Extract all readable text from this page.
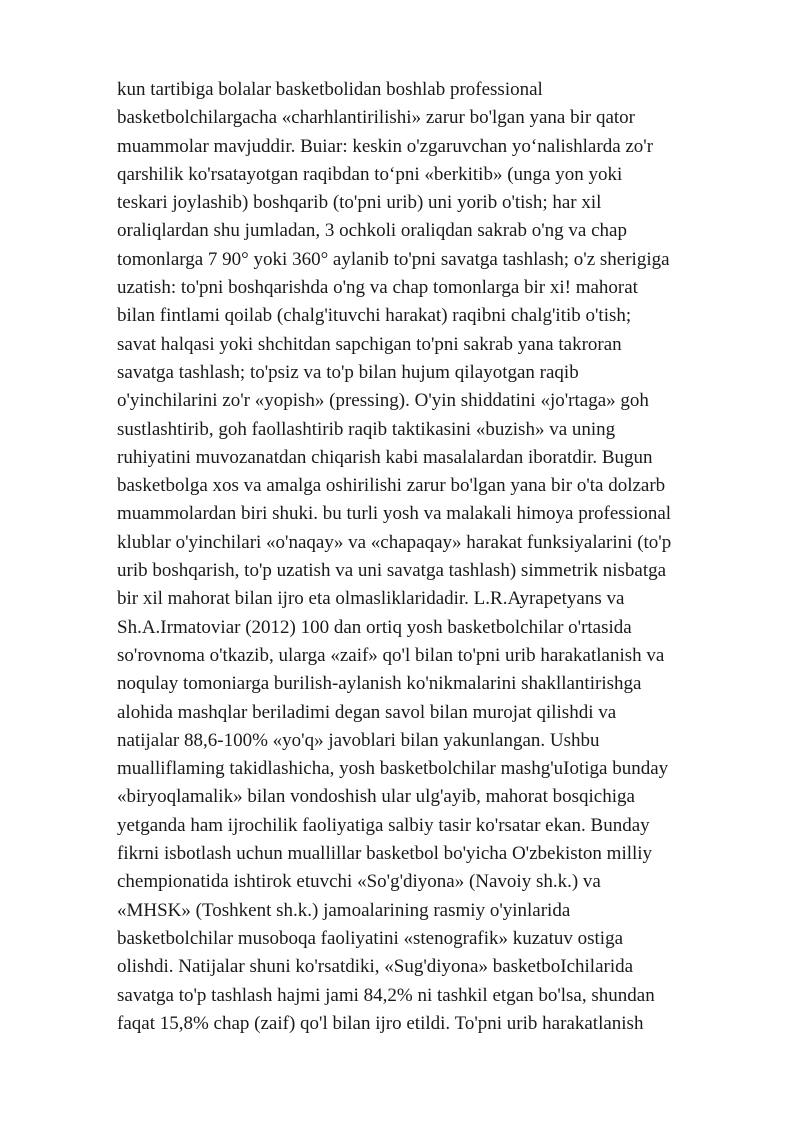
kun tartibiga bolalar basketbolidan boshlab professional
basketbolchilargacha «charhlantirilishi» zarur bo'lgan yana bir qator
muammolar mavjuddir. Buiar: keskin o'zgaruvchan yo‘nalishlarda zo'r
qarshilik ko'rsatayotgan raqibdan to‘pni «berkitib» (unga yon yoki
teskari joylashib) boshqarib (to'pni urib) uni yorib o'tish; har xil
oraliqlardan shu jumladan, 3 ochkoli oraliqdan sakrab o'ng va chap
tomonlarga 7 90° yoki 360° aylanib to'pni savatga tashlash; o'z sherigiga
uzatish: to'pni boshqarishda o'ng va chap tomonlarga bir xi! mahorat
bilan fintlami qoilab (chalg'ituvchi harakat) raqibni chalg'itib o'tish;
savat halqasi yoki shchitdan sapchigan to'pni sakrab yana takroran
savatga tashlash; to'psiz va to'p bilan hujum qilayotgan raqib
o'yinchilarini zo'r «yopish» (pressing). O'yin shiddatini «jo'rtaga» goh
sustlashtirib, goh faollashtirib raqib taktikasini «buzish» va uning
ruhiyatini muvozanatdan chiqarish kabi masalalardan iboratdir. Bugun
basketbolga xos va amalga oshirilishi zarur bo'lgan yana bir o'ta dolzarb
muammolardan biri shuki. bu turli yosh va malakali himoya professional
klublar o'yinchilari «o'naqay» va «chapaqay» harakat funksiyalarini (to'p
urib boshqarish, to'p uzatish va uni savatga tashlash) simmetrik nisbatga
bir xil mahorat bilan ijro eta olmasliklaridadir. L.R.Ayrapetyans va
Sh.A.Irmatoviar (2012) 100 dan ortiq yosh basketbolchilar o'rtasida
so'rovnoma o'tkazib, ularga «zaif» qo'l bilan to'pni urib harakatlanish va
noqulay tomoniarga burilish-aylanish ko'nikmalarini shakllantirishga
alohida mashqlar beriladimi degan savol bilan murojat qilishdi va
natijalar 88,6-100% «yo'q» javoblari bilan yakunlangan. Ushbu
mualliflaming takidlashicha, yosh basketbolchilar mashg'uIotiga bunday
«biryoqlamalik» bilan vondoshish ular ulg'ayib, mahorat bosqichiga
yetganda ham ijrochilik faoliyatiga salbiy tasir ko'rsatar ekan. Bunday
fikrni isbotlash uchun muallillar basketbol bo'yicha O'zbekiston milliy
chempionatida ishtirok etuvchi «So'g'diyona» (Navoiy sh.k.) va
«MHSK» (Toshkent sh.k.) jamoalarining rasmiy o'yinlarida
basketbolchilar musoboqa faoliyatini «stenografik» kuzatuv ostiga
olishdi. Natijalar shuni ko'rsatdiki, «Sug'diyona» basketboIchilarida
savatga to'p tashlash hajmi jami 84,2% ni tashkil etgan bo'lsa, shundan
faqat 15,8% chap (zaif) qo'l bilan ijro etildi. To'pni urib harakatlanish
